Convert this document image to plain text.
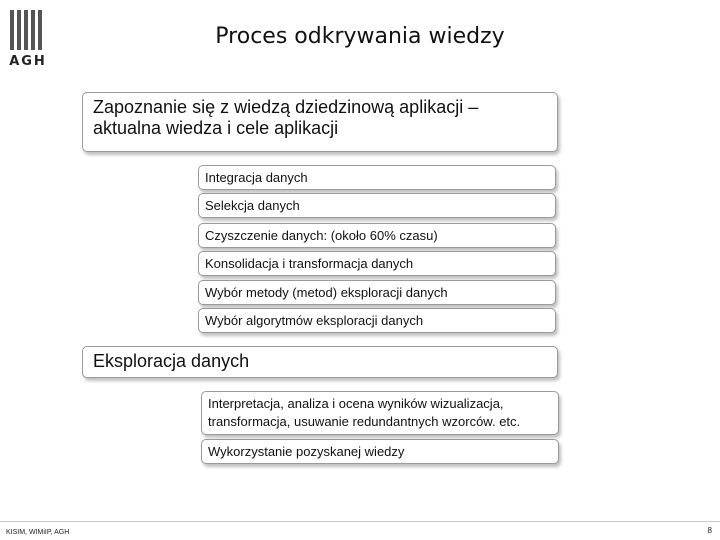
AGH
Proces odkrywania wiedzy
Zapoznanie się z wiedzą dziedzinową aplikacji – aktualna wiedza i cele aplikacji
Integracja danych
Selekcja danych
Czyszczenie danych: (około 60% czasu)
Konsolidacja i transformacja danych
Wybór metody (metod) eksploracji danych
Wybór algorytmów eksploracji danych
Eksploracja danych
Interpretacja, analiza i ocena wyników wizualizacja, transformacja, usuwanie redundantnych wzorców. etc.
Wykorzystanie pozyskanej wiedzy
KISIM, WIMiIP, AGH	8
